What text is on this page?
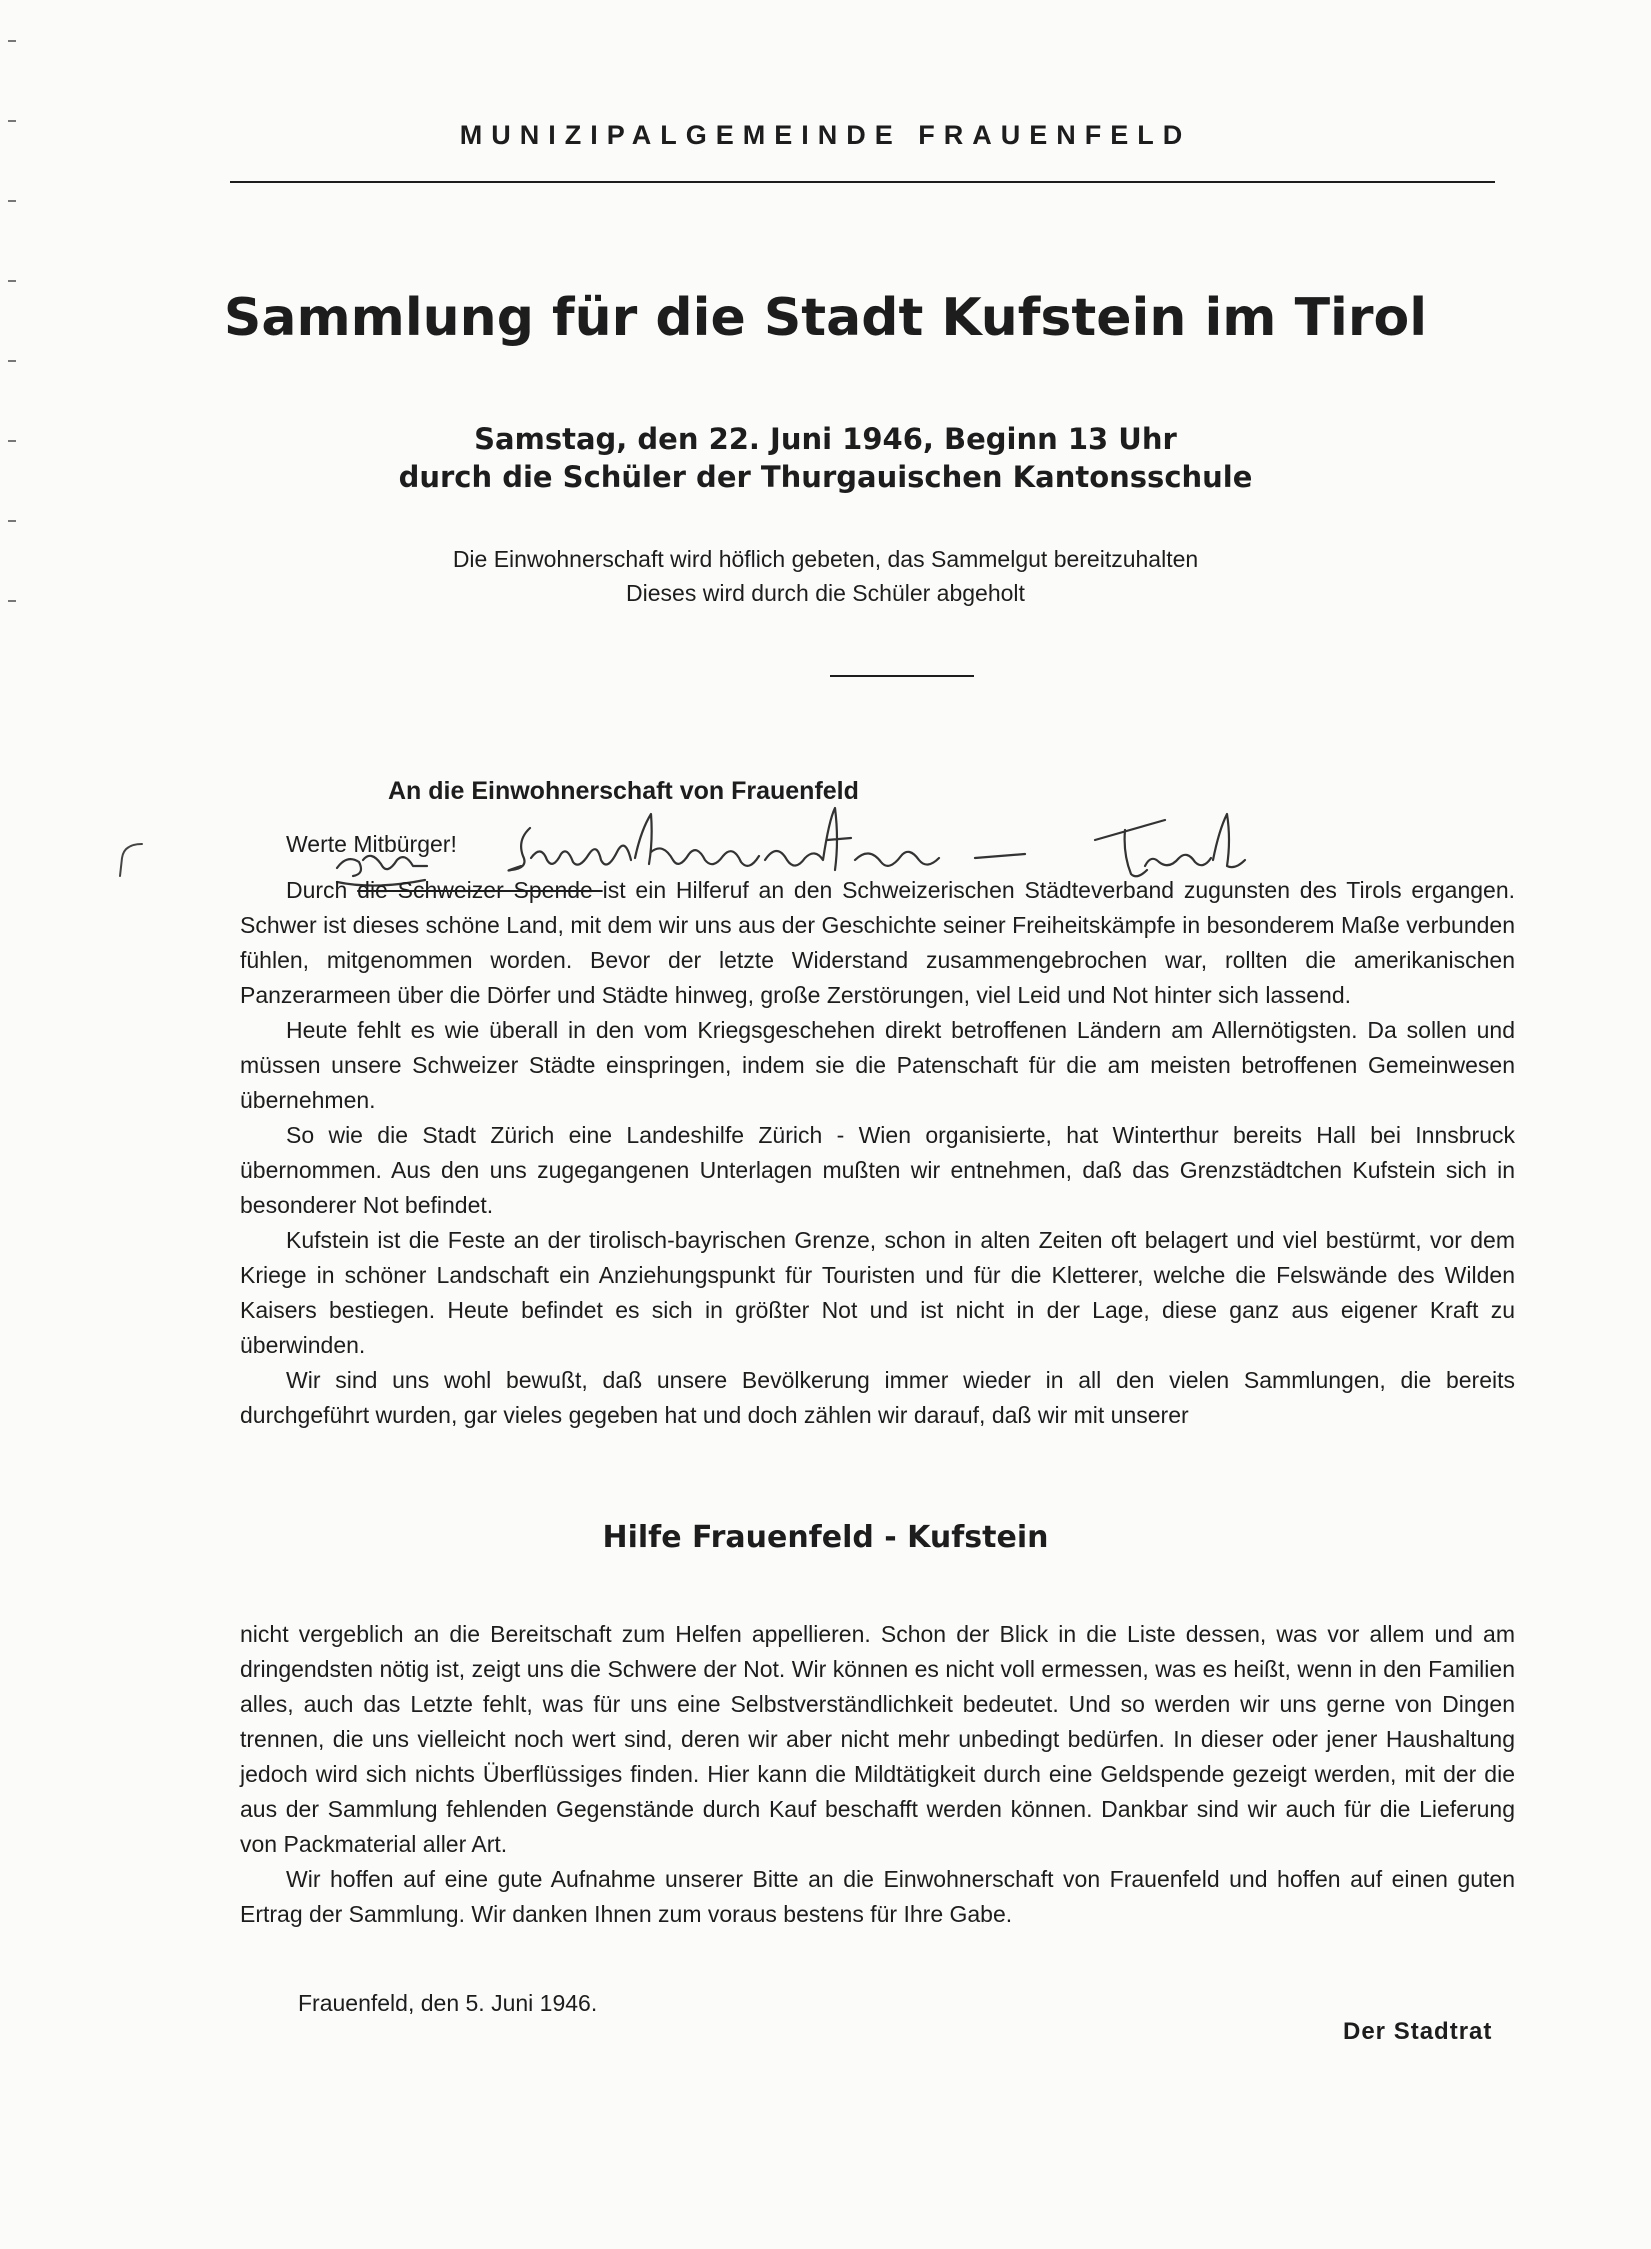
MUNIZIPALGEMEINDE FRAUENFELD
Sammlung für die Stadt Kufstein im Tirol
Samstag, den 22. Juni 1946, Beginn 13 Uhr
durch die Schüler der Thurgauischen Kantonsschule
Die Einwohnerschaft wird höflich gebeten, das Sammelgut bereitzuhalten
Dieses wird durch die Schüler abgeholt
An die Einwohnerschaft von Frauenfeld
Werte Mitbürger!

Durch die Schweizer Spende ist ein Hilferuf an den Schweizerischen Städteverband zugunsten des Tirols ergangen. Schwer ist dieses schöne Land, mit dem wir uns aus der Geschichte seiner Freiheitskämpfe in besonderem Maße verbunden fühlen, mitgenommen worden. Bevor der letzte Widerstand zusammengebrochen war, rollten die amerikanischen Panzerarmeen über die Dörfer und Städte hinweg, große Zerstörungen, viel Leid und Not hinter sich lassend.

Heute fehlt es wie überall in den vom Kriegsgeschehen direkt betroffenen Ländern am Allernötigsten. Da sollen und müssen unsere Schweizer Städte einspringen, indem sie die Patenschaft für die am meisten betroffenen Gemeinwesen übernehmen.

So wie die Stadt Zürich eine Landeshilfe Zürich - Wien organisierte, hat Winterthur bereits Hall bei Innsbruck übernommen. Aus den uns zugegangenen Unterlagen mußten wir entnehmen, daß das Grenzstädtchen Kufstein sich in besonderer Not befindet.

Kufstein ist die Feste an der tirolisch-bayrischen Grenze, schon in alten Zeiten oft belagert und viel bestürmt, vor dem Kriege in schöner Landschaft ein Anziehungspunkt für Touristen und für die Kletterer, welche die Felswände des Wilden Kaisers bestiegen. Heute befindet es sich in größter Not und ist nicht in der Lage, diese ganz aus eigener Kraft zu überwinden.

Wir sind uns wohl bewußt, daß unsere Bevölkerung immer wieder in all den vielen Sammlungen, die bereits durchgeführt wurden, gar vieles gegeben hat und doch zählen wir darauf, daß wir mit unserer

Hilfe Frauenfeld - Kufstein

nicht vergeblich an die Bereitschaft zum Helfen appellieren. Schon der Blick in die Liste dessen, was vor allem und am dringendsten nötig ist, zeigt uns die Schwere der Not. Wir können es nicht voll ermessen, was es heißt, wenn in den Familien alles, auch das Letzte fehlt, was für uns eine Selbstverständlichkeit bedeutet. Und so werden wir uns gerne von Dingen trennen, die uns vielleicht noch wert sind, deren wir aber nicht mehr unbedingt bedürfen. In dieser oder jener Haushaltung jedoch wird sich nichts Überflüssiges finden. Hier kann die Mildtätigkeit durch eine Geldspende gezeigt werden, mit der die aus der Sammlung fehlenden Gegenstände durch Kauf beschafft werden können. Dankbar sind wir auch für die Lieferung von Packmaterial aller Art.

Wir hoffen auf eine gute Aufnahme unserer Bitte an die Einwohnerschaft von Frauenfeld und hoffen auf einen guten Ertrag der Sammlung. Wir danken Ihnen zum voraus bestens für Ihre Gabe.

Frauenfeld, den 5. Juni 1946.
Der Stadtrat
